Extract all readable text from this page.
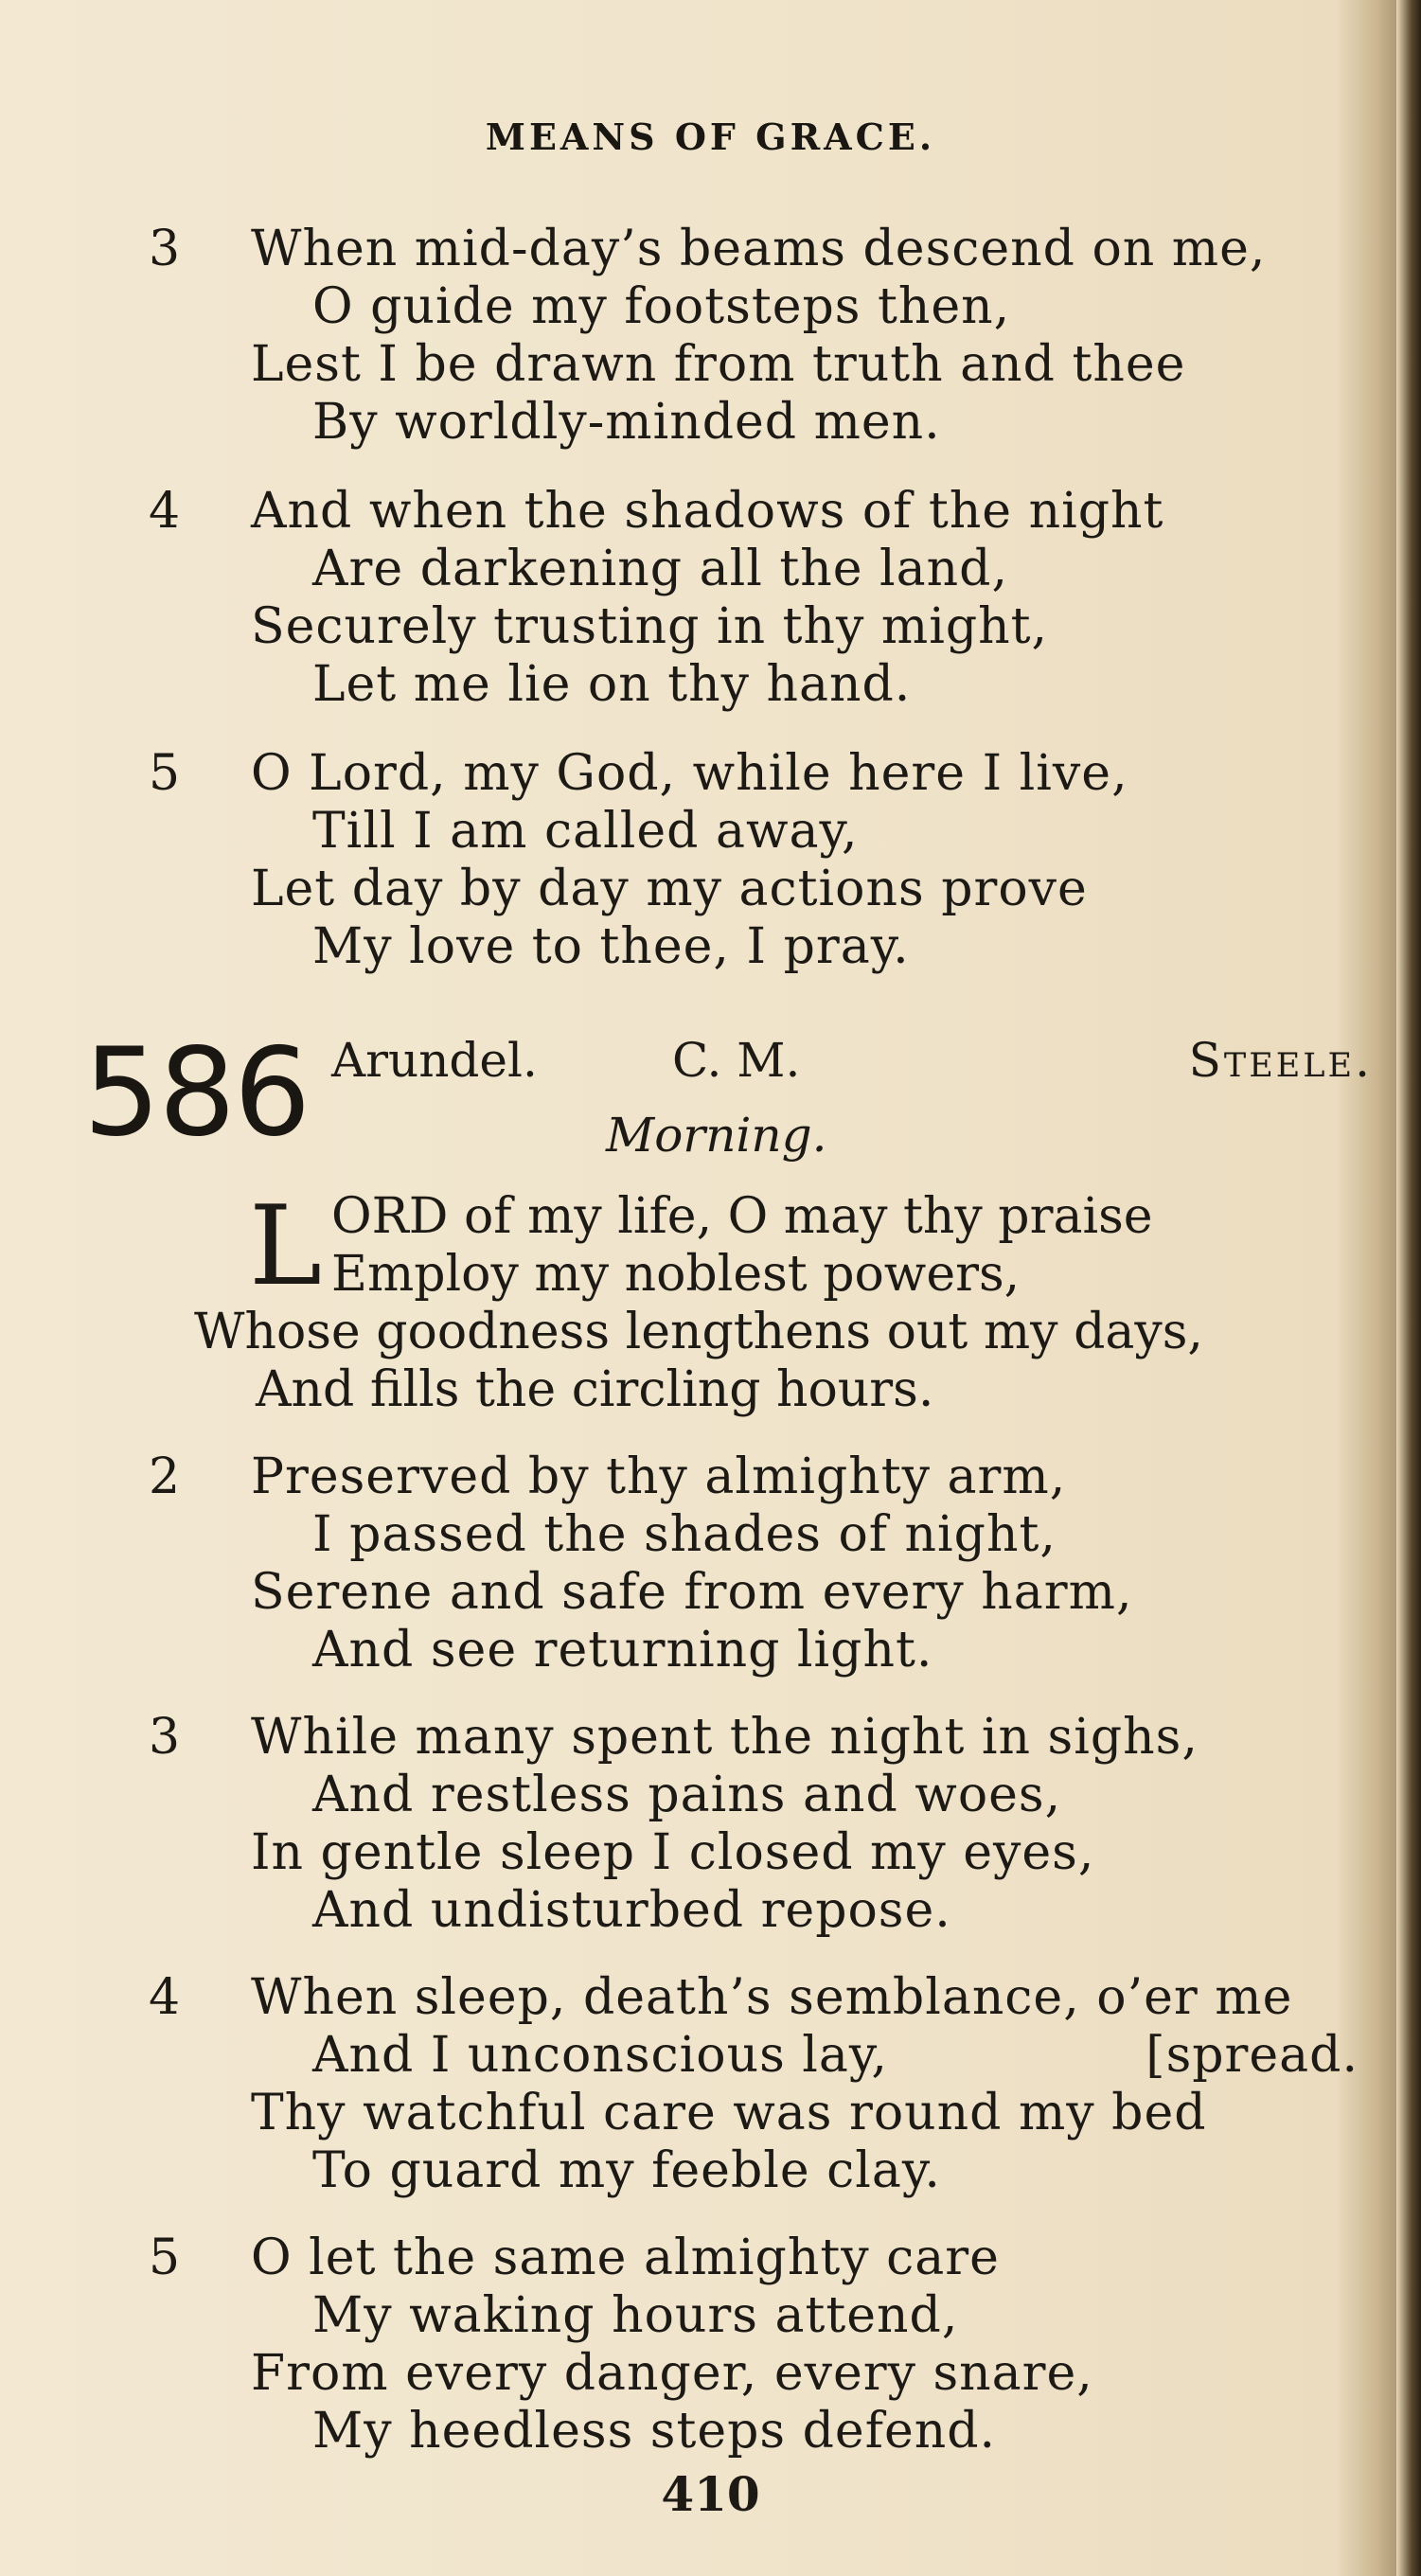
MEANS OF GRACE.
3 When mid-day’s beams descend on me,
O guide my footsteps then,
Lest I be drawn from truth and thee
By worldly-minded men.
4 And when the shadows of the night
Are darkening all the land,
Securely trusting in thy might,
Let me lie on thy hand.
5 O Lord, my God, while here I live,
Till I am called away,
Let day by day my actions prove
My love to thee, I pray.
586 Arundel.	C. M.	Steele.
Morning.
L ORD of my life, O may thy praise
Employ my noblest powers,
Whose goodness lengthens out my days,
And fills the circling hours.
2 Preserved by thy almighty arm,
I passed the shades of night,
Serene and safe from every harm,
And see returning light.
3 While many spent the night in sighs,
And restless pains and woes,
In gentle sleep I closed my eyes,
And undisturbed repose.
4 When sleep, death’s semblance, o’er me
And I unconscious lay,	[spread.
Thy watchful care was round my bed
To guard my feeble clay.
5 O let the same almighty care
My waking hours attend,
From every danger, every snare,
My heedless steps defend.
410
